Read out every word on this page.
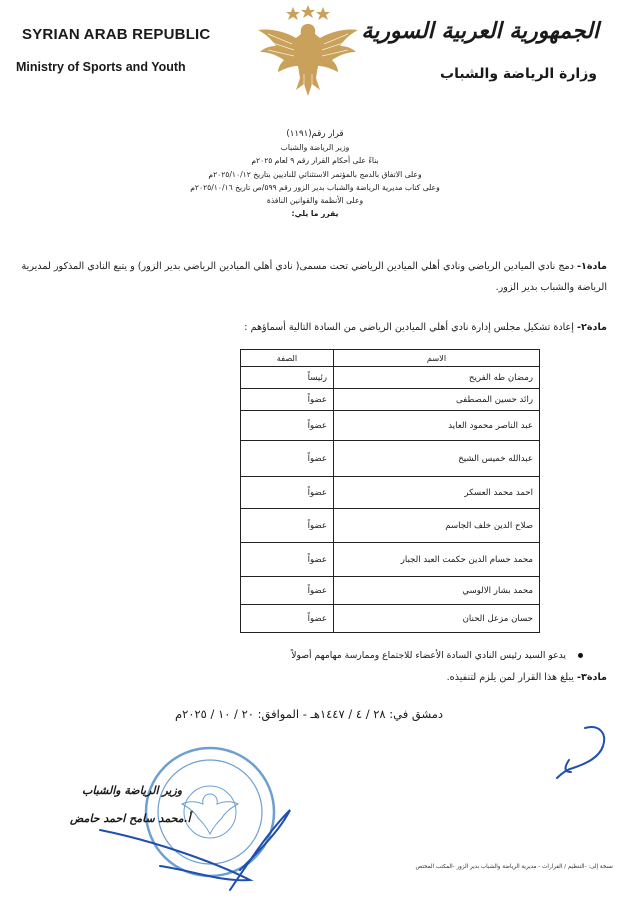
SYRIAN ARAB REPUBLIC
Ministry of Sports and Youth
الجمهورية العربية السورية
وزارة الرياضة والشباب
قرار رقم(١١٩١)
وزير الرياضة والشباب
بناءً على أحكام القرار رقم ٩ لعام ٢٠٢٥م
وعلى الاتفاق بالدمج بالمؤتمر الاستثنائي للناديين بتاريخ ٢٠٢٥/١٠/١٢م
وعلى كتاب مديرية الرياضة والشباب بدير الزور رقم ٥٩٩/ص تاريخ ٢٠٢٥/١٠/١٦م
وعلى الأنظمة والقوانين النافذة
يقرر ما يلي:
مادة١- دمج نادي الميادين الرياضي ونادي أهلي الميادين الرياضي تحت مسمى( نادي أهلي الميادين الرياضي بدير الزور) و يتبع النادي المذكور لمديرية الرياضة والشباب بدير الزور.
مادة٢- إعادة تشكيل مجلس إدارة نادي أهلي الميادين الرياضي من السادة التالية أسماؤهم :
الاسم	الصفة
رمضان طه الفريح	رئيساً
رائد حسين المصطفى	عضواً
عبد الناصر محمود العايد	عضواً
عبدالله خميس الشيخ	عضواً
احمد محمد العسكر	عضواً
صلاح الدين خلف الجاسم	عضواً
محمد حسام الدين حكمت العبد الجبار	عضواً
محمد بشار الالوسي	عضواً
حسان مزعل الحنان	عضواً
يدعو السيد رئيس النادي السادة الأعضاء للاجتماع وممارسة مهامهم أصولاً
مادة٣- يبلغ هذا القرار لمن يلزم لتنفيذه.
دمشق في: ٢٨ / ٤ / ١٤٤٧هـ - الموافق: ٢٠ / ١٠ / ٢٠٢٥م
وزير الرياضة والشباب
أ.محمد سامح احمد حامض
نسخة إلى: -التنظيم / القرارات - مديرية الرياضة والشباب بدير الزور -المكتب المختص
